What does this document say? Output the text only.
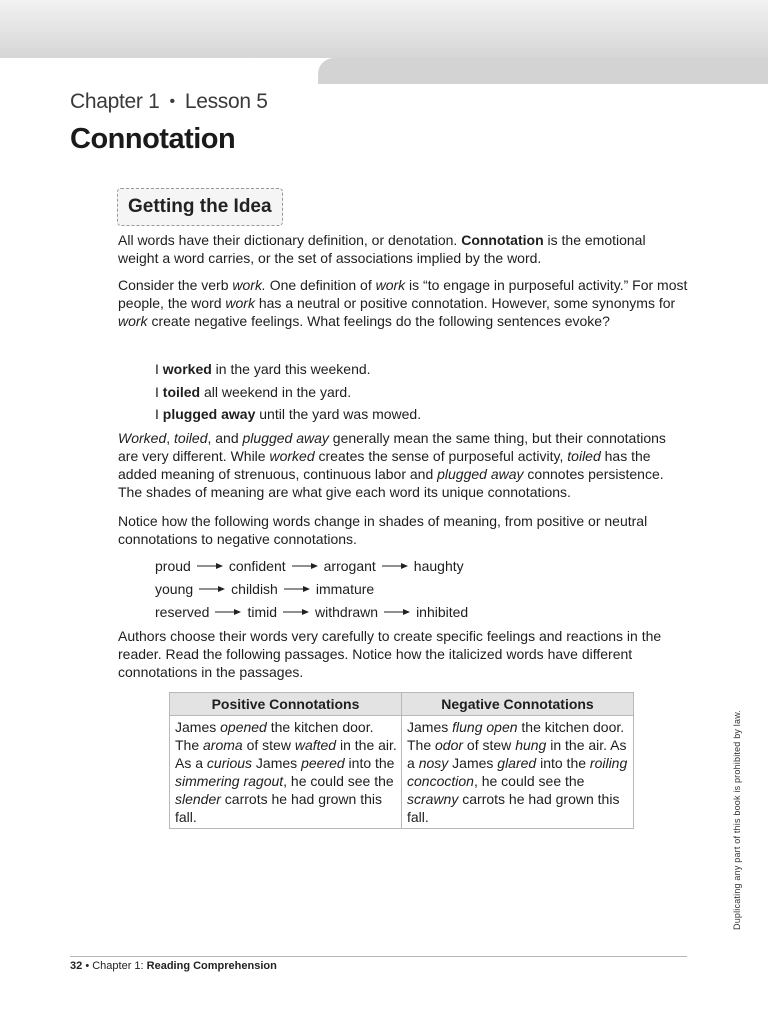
Chapter 1 • Lesson 5
Connotation
Getting the Idea

All words have their dictionary definition, or denotation. Connotation is the emotional weight a word carries, or the set of associations implied by the word.

Consider the verb work. One definition of work is “to engage in purposeful activity.” For most people, the word work has a neutral or positive connotation. However, some synonyms for work create negative feelings. What feelings do the following sentences evoke?

I worked in the yard this weekend.

I toiled all weekend in the yard.

I plugged away until the yard was mowed.

Worked, toiled, and plugged away generally mean the same thing, but their connotations are very different. While worked creates the sense of purposeful activity, toiled has the added meaning of strenuous, continuous labor and plugged away connotes persistence. The shades of meaning are what give each word its unique connotations.

Notice how the following words change in shades of meaning, from positive or neutral connotations to negative connotations.

proud	confident	arrogant	haughty
young	childish	immature
reserved	timid	withdrawn	inhibited

Authors choose their words very carefully to create specific feelings and reactions in the reader. Read the following passages. Notice how the italicized words have different connotations in the passages.

Positive Connotations	Negative Connotations
James opened the kitchen door. The aroma of stew wafted in the air. As a curious James peered into the simmering ragout, he could see the slender carrots he had grown this fall.	James flung open the kitchen door. The odor of stew hung in the air. As a nosy James glared into the roiling concoction, he could see the scrawny carrots he had grown this fall.	Duplicating any part of this book is prohibited by law.
32 • Chapter 1: Reading Comprehension
